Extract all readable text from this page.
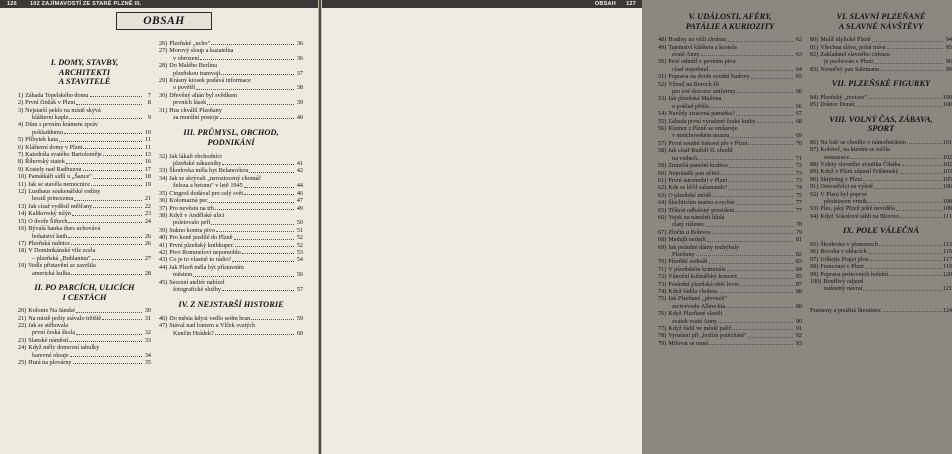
126 102 ZAJÍMAVOSTÍ ZE STARÉ PLZNĚ III.
OBSAH
I. DOMY, STAVBY,
ARCHITEKTI
A STAVITELÉ
1) Záhada Tepelského domu	7
2) První činžák v Plzni	8
3) Nejstarší peklo na místě skývá
klášterní kaple	9
4) Dům s prvním krámem zpráv
pokladdomu	10
5) Příbytek kata	11
6) Klášterní domy v Plzni	11
7) Katedrála svatého Bartoloměje	13
8) Říhovský statek	16
9) Kostely nad Radbuzou	17
10) Památkáři sídlí u „Šance"	18
11) Jak se stavěla nemocnice	19
12) Lusthaus soukenářské rodiny
hostil princezmu	21
13) Jak císař vyděsil měšťany	22
14) Kalikovský mlýn	23
15) O dvoře Šiftech	24
16) Bývalá banka dnes uchovává
bohatství knih	26
17) Plzeňská radnice	26
18) V Dominikánské vile zcela
– plzeňská „Bublanina"	27
19) Vedle přistavění se završila
americká kulka	28
II. PO PARCÍCH, ULICÍCH
I CESTÁCH
20) Kolonie Na Jánské	30
21) Na místě pošty stávalo tržiště	31
22) Jak se stěhovala
první česká škola	32
23) Slanské náměstí	33
24) Když měly domovní tabulky
barevné okraje	34
25) Hurá na plovárny	35
26) Plzeňské „ucho"	36
27) Morový sloup a kazatelna
v obrození	36
28) Do Malého Berlína
plzeňskou tramvají	37
29) Krásný kiosek podává informace
o povětří	38
30) Dřevěný altán byl svědkem
prvních lásek	39
31) Hus chválil Plzeňany
za morální postoje	40
III. PRŮMYSL, OBCHOD,
PODNIKÁNÍ
32) Jak lákali obchodníci
plzeňské zákazníky	41
33) Škodovka měla byt Belanovkou	42
34) Jak se skrývali „neroztocený chomáč
železa a betonu" v letě 1945	44
35) Cingroš dodával pro celý svět	46
36) Kolomazná pec	47
37) Pro nevěstu na trh	49
38) Když v Andělské ulici
poletovalo peří	50
39) Sukno kontra pivo	51
40) Pro koně jezdilé do Plzně	52
41) První plzeňský knihkupec	52
42) Pivo Rommelovi nepomohlo	53
43) Co je to vlastně to rádio?	54
44) Jak Plzeň měla být přístavním
městem	56
45) Secesní ateliér nabízel
fotografické služby	57
IV. Z NEJSTARŠÍ HISTORIE
46) Do města kdysi vedlo sedm bran	59
47) Stával nad lomem u Vlček svatých
Kunčin Hrádek?	60
OBSAH 127
V. UDÁLOSTI, AFÉRY,
PATÁLIE A KURIOZITY
48) Hodiny na věži chrámu	62
49) Tajemství kláštera a kostela
svaté Anny	63
50) Proč odmítl v pevném pivu
císař nepohnul	64
51) Poprava na dvoře soudní budovy	65
52) Věznil na Borech šli
pro své dozorce uniformy	66
53) Jak plzeňská Madona
o poklad přišla	66
54) Navždy ztracená památka?	67
55) Záhada první vyražené české knihy	68
56) Klemot z Plzně se omlazuje
v mnichovském muzeu	69
57) První soudní tisková pře v Plzni	70
58) Jak císař Rudolf II. chodil
na vzduch	71
59) Zmizelá panelní krabice	72
60) Nejmladší pan učitel	73
61) První automobil v Plzni	73
62) Kde se léčil salamandr?	74
63) O plzeňské módě	75
64) Šlechticům marno a rychle	77
65) Tříkrát odhalený prezident	77
66) Vojsk na náměstí hlídá
zlatý růženec	78
67) Zločin u Bolevce	79
68) Medajli nedajli	81
69) Jak prázdné dámy rozhýbaly
Plzeňany	82
70) Plzeňští zednáři	83
71) V plzeňském kriminále	84
72) Vánoční kulinářský koncert	85
73) Poslední plzeňská obět lovie	87
74) Když řádila cholera	88
75) Jak Plzeňané „převezli"
arcivévodu Albrechta	88
76) Když Plzeňané slavili
svátek svaté Anny	90
77) Když řádil ve městě palič	91
78) Vyrušení při „božím potěchání"	92
79) Milovat se musí	93
VI. SLAVNÍ PLZEŇANÉ
A SLAVNÉ NÁVŠTĚVY
80) Malíř idylické Plzně	94
81) Všechna sláva, polní tráva	95
82) Zakladatel slavného cirkusu
je pochován v Plzni	96
83) Neruďný pan Salzmann	99
VII. PLZEŇSKÉ FIGURKY
84) Plzeňský „revizor"	100
85) Doktor Donát	100
VIII. VOLNÝ ČAS, ZÁBAVA,
SPORT
86) Na lušť se chodilo v námořnickém	101
87) Kolotoč, na kterém se točila
restaurace	102
88) Vzlety slavného aviatika Čiháka	102
89) Když v Plzni zápasil Frištenský	103
90) Skijöring v Plzni	105
91) Ostrostřelci na výletě	106
92) V Plzni byl poprvé
představen vrtník	108
93) Ples, jaký Plzeň ještě neviděla	109
94) Když Sokolové táhli na Blovice	111
IX. POLE VÁLEČNÁ
95) Škodovka v plamenech	113
96) Revolta v oblacích	116
97) Utíkejte Prajzi jdou	117
98) Francouzi v Plzni	119
99) Poprava poštovních holubů	120
100) Bouřlivý odjezd
radostný návrat	121
Prameny a použitá literatura:	124
